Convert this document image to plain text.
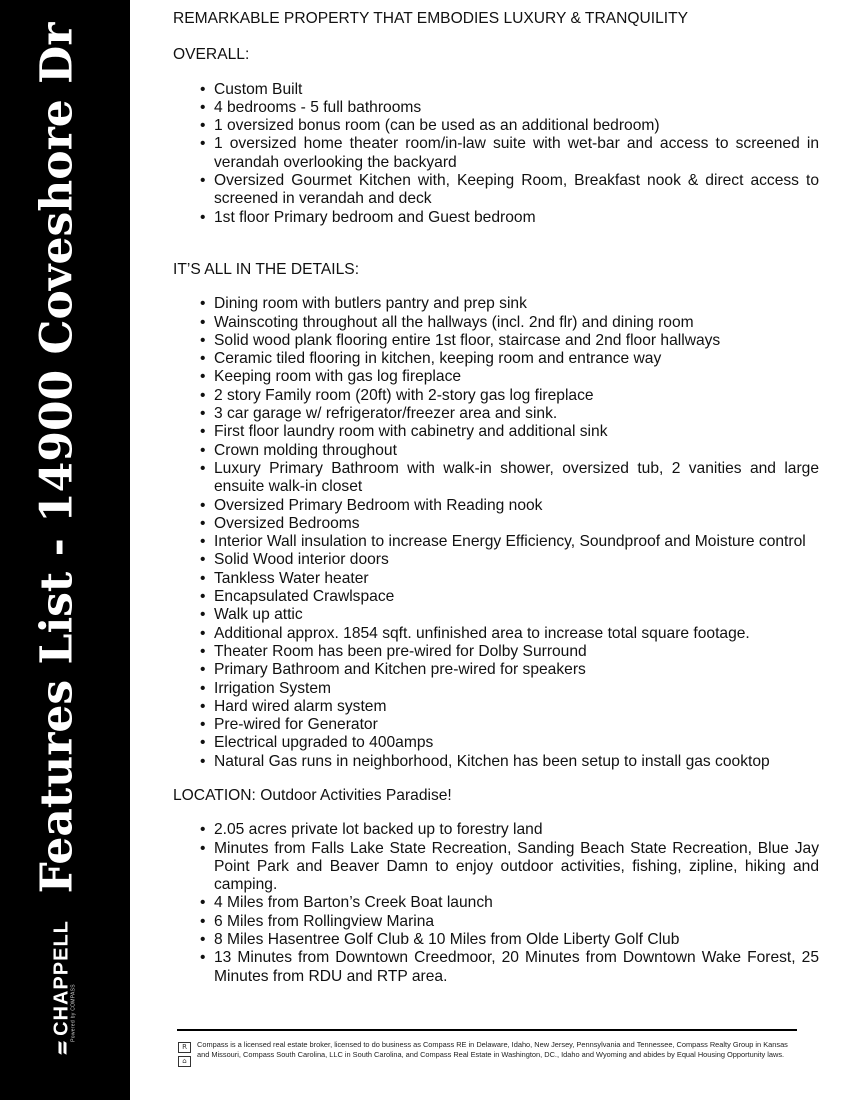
Features List - 14900 Coveshore Dr
CHAPPELL
Powered by COMPASS

REMARKABLE PROPERTY THAT EMBODIES LUXURY & TRANQUILITY

OVERALL:

• Custom Built
• 4 bedrooms - 5 full bathrooms
• 1 oversized bonus room (can be used as an additional bedroom)
• 1 oversized home theater room/in-law suite with wet-bar and access to screened in verandah overlooking the backyard
• Oversized Gourmet Kitchen with, Keeping Room, Breakfast nook & direct access to screened in verandah and deck
• 1st floor Primary bedroom and Guest bedroom

IT’S ALL IN THE DETAILS:

• Dining room with butlers pantry and prep sink
• Wainscoting throughout all the hallways (incl. 2nd flr) and dining room
• Solid wood plank flooring entire 1st floor, staircase and 2nd floor hallways
• Ceramic tiled flooring in kitchen, keeping room and entrance way
• Keeping room with gas log fireplace
• 2 story Family room (20ft) with 2-story gas log fireplace
• 3 car garage w/ refrigerator/freezer area and sink.
• First floor laundry room with cabinetry and additional sink
• Crown molding throughout
• Luxury Primary Bathroom with walk-in shower, oversized tub, 2 vanities and large ensuite walk-in closet
• Oversized Primary Bedroom with Reading nook
• Oversized Bedrooms
• Interior Wall insulation to increase Energy Efficiency, Soundproof and Moisture control
• Solid Wood interior doors
• Tankless Water heater
• Encapsulated Crawlspace
• Walk up attic
• Additional approx. 1854 sqft. unfinished area to increase total square footage.
• Theater Room has been pre-wired for Dolby Surround
• Primary Bathroom and Kitchen pre-wired for speakers
• Irrigation System
• Hard wired alarm system
• Pre-wired for Generator
• Electrical upgraded to 400amps
• Natural Gas runs in neighborhood, Kitchen has been setup to install gas cooktop

LOCATION: Outdoor Activities Paradise!

• 2.05 acres private lot backed up to forestry land
• Minutes from Falls Lake State Recreation, Sanding Beach State Recreation, Blue Jay Point Park and Beaver Damn to enjoy outdoor activities, fishing, zipline, hiking and camping.
• 4 Miles from Barton’s Creek Boat launch
• 6 Miles from Rollingview Marina
• 8 Miles Hasentree Golf Club & 10 Miles from Olde Liberty Golf Club
• 13 Minutes from Downtown Creedmoor, 20 Minutes from Downtown Wake Forest, 25 Minutes from RDU and RTP area.
R
⌂
Compass is a licensed real estate broker, licensed to do business as Compass RE in Delaware, Idaho, New Jersey, Pennsylvania and Tennessee, Compass Realty Group in Kansas and Missouri, Compass South Carolina, LLC in South Carolina, and Compass Real Estate in Washington, DC., Idaho and Wyoming and abides by Equal Housing Opportunity laws.
